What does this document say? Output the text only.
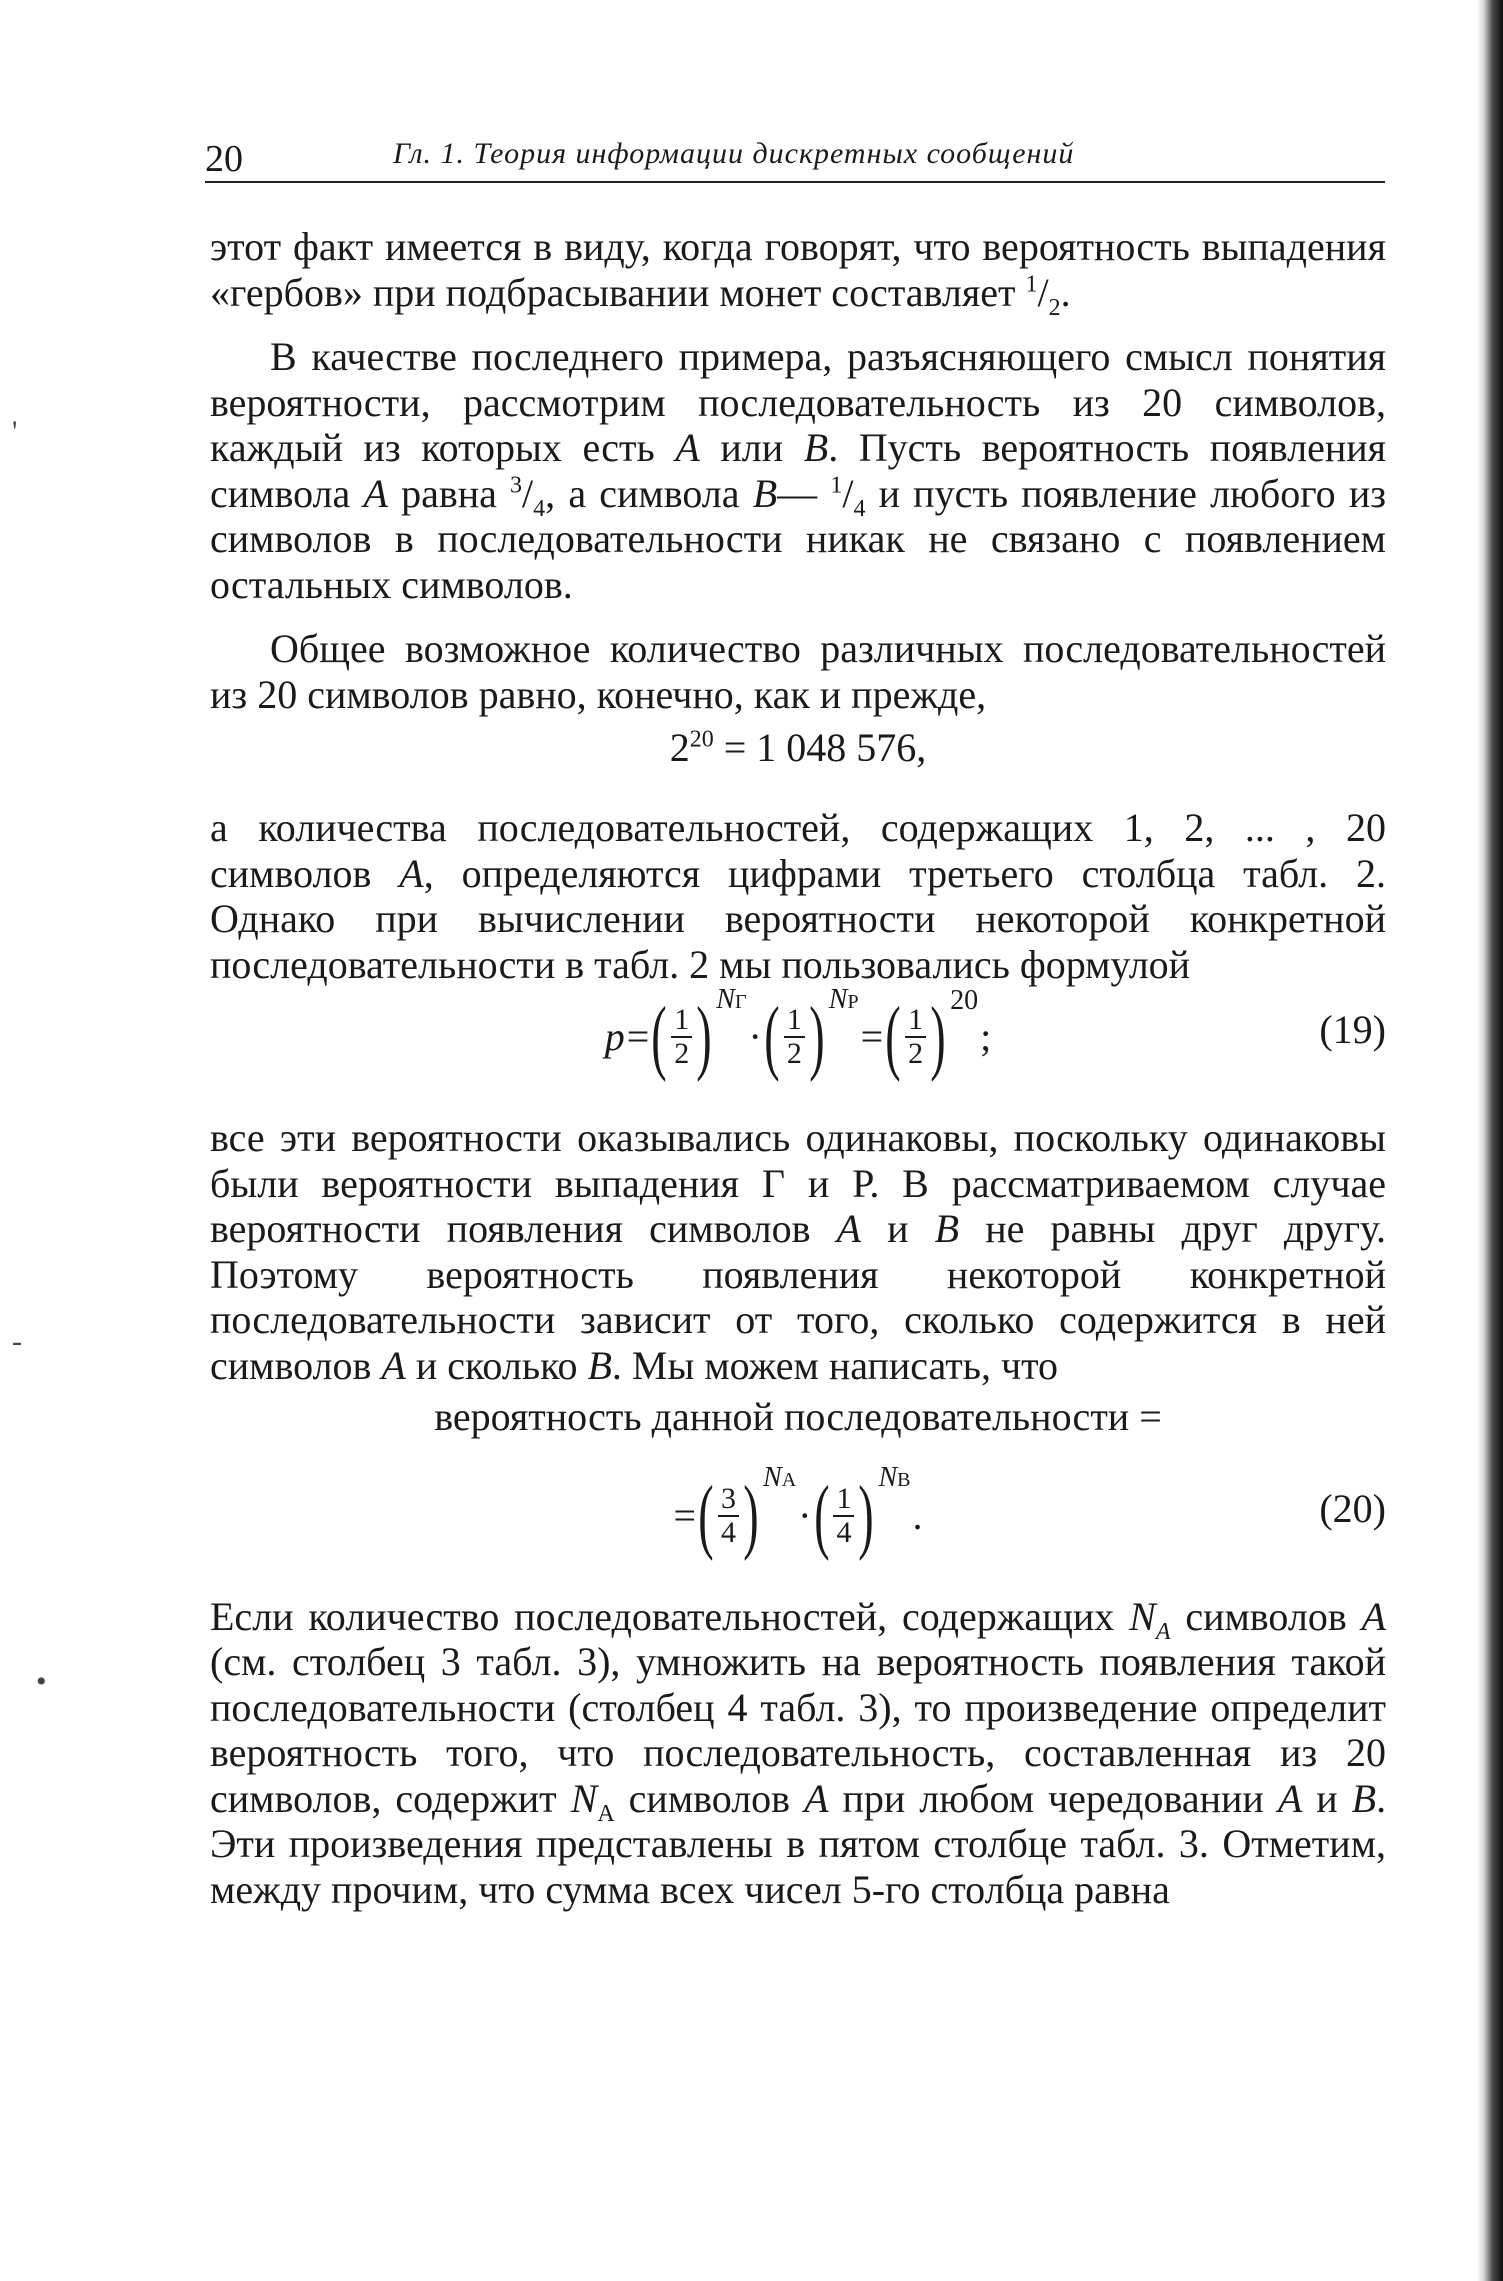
'
-
•
20	Гл. 1. Теория информации дискретных сообщений

этот факт имеется в виду, когда говорят, что вероятность выпадения «гербов» при подбрасывании монет составляет $^1/_2$.

В качестве последнего примера, разъясняющего смысл понятия вероятности, рассмотрим последовательность из 20 символов, каждый из которых есть A или B. Пусть вероятность появления символа A равна $^3/_4$, а символа B— $^1/_4$ и пусть появление любого из символов в последовательности никак не связано с появлением остальных символов.

Общее возможное количество различных последовательностей из 20 символов равно, конечно, как и прежде,

$2^{20} = 1$ 048 576,

а количества последовательностей, содержащих 1, 2, ... , 20 символов A, определяются цифрами третьего столбца табл. 2. Однако при вычислении вероятности некоторой конкретной последовательности в табл. 2 мы пользовались формулой

p = ( $\frac{1}{2}$ ) NГ
· ( $\frac{1}{2}$ ) NР
= ( $\frac{1}{2}$ ) 20
;	(19)

все эти вероятности оказывались одинаковы, поскольку одинаковы были вероятности выпадения Г и Р. В рассматриваемом случае вероятности появления символов A и B не равны друг другу. Поэтому вероятность появления некоторой конкретной последовательности зависит от того, сколько содержится в ней символов A и сколько B. Мы можем написать, что

вероятность данной последовательности =

= ( $\frac{3}{4}$ ) NA
· ( $\frac{1}{4}$ ) NB
.	(20)

Если количество последовательностей, содержащих $N_A$ символов A (см. столбец 3 табл. 3), умножить на вероятность появления такой последовательности (столбец 4 табл. 3), то произведение определит вероятность того, что последовательность, составленная из 20 символов, содержит $N_A$ символов A при любом чередовании A и B. Эти произведения представлены в пятом столбце табл. 3. Отметим, между прочим, что сумма всех чисел 5-го столбца равна
